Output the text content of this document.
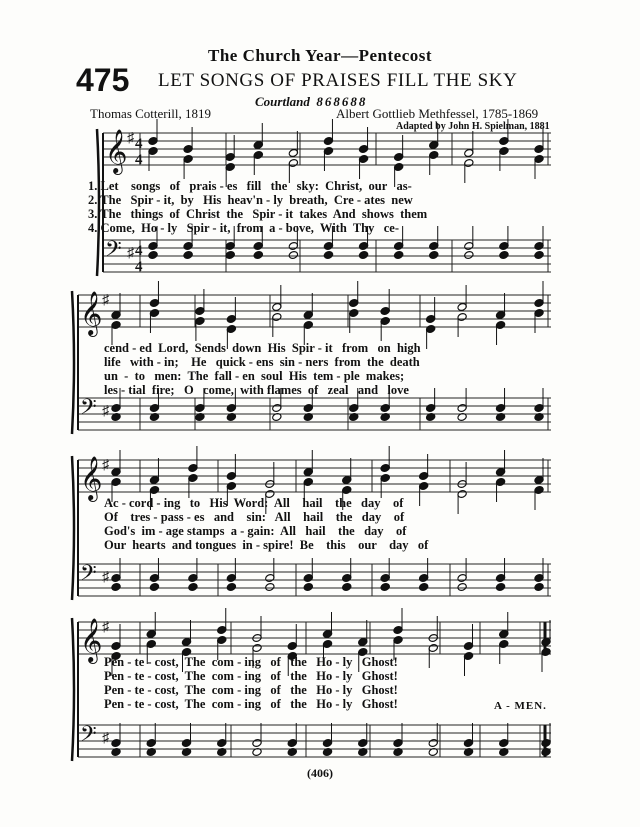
The Church Year—Pentecost
475 LET SONGS OF PRAISES FILL THE SKY
Courtland 868688
Thomas Cotterill, 1819	Albert Gottlieb Methfessel, 1785-1869
Adapted by John H. Spielman, 1881
𝄞 ♯ 4
4
𝄢 ♯ 4
4
𝄞 ♯
𝄢 ♯
𝄞 ♯
𝄢 ♯
𝄞 ♯
𝄢 ♯
1. Let    songs   of   prais - es   fill   the   sky:  Christ,  our   as-
2. The   Spir - it,  by   His  heav'n - ly  breath,  Cre - ates  new
3. The   things  of  Christ  the   Spir - it  takes  And  shows  them
4. Come,  Ho - ly   Spir - it,  from  a - bove,  With  Thy   ce-
cend - ed  Lord,  Sends  down  His  Spir - it   from   on  high
life   with - in;    He   quick - ens  sin - ners  from  the  death
un  -  to   men:  The  fall - en  soul  His  tem - ple  makes;
les - tial  fire;   O   come,  with flames  of   zeal   and   love
Ac - cord - ing   to   His  Word:  All    hail    the   day    of
Of    tres - pass - es   and    sin:   All    hail    the   day    of
God's  im - age stamps  a - gain:  All   hail    the   day    of
Our  hearts  and tongues  in - spire!  Be    this    our    day   of
Pen - te - cost,  The  com - ing   of   the   Ho - ly   Ghost!
Pen - te - cost,  The  com - ing   of   the   Ho - ly   Ghost!
Pen - te - cost,  The  com - ing   of   the   Ho - ly   Ghost!
Pen - te - cost,  The  com - ing   of   the   Ho - ly   Ghost!	A - MEN.
(406)
